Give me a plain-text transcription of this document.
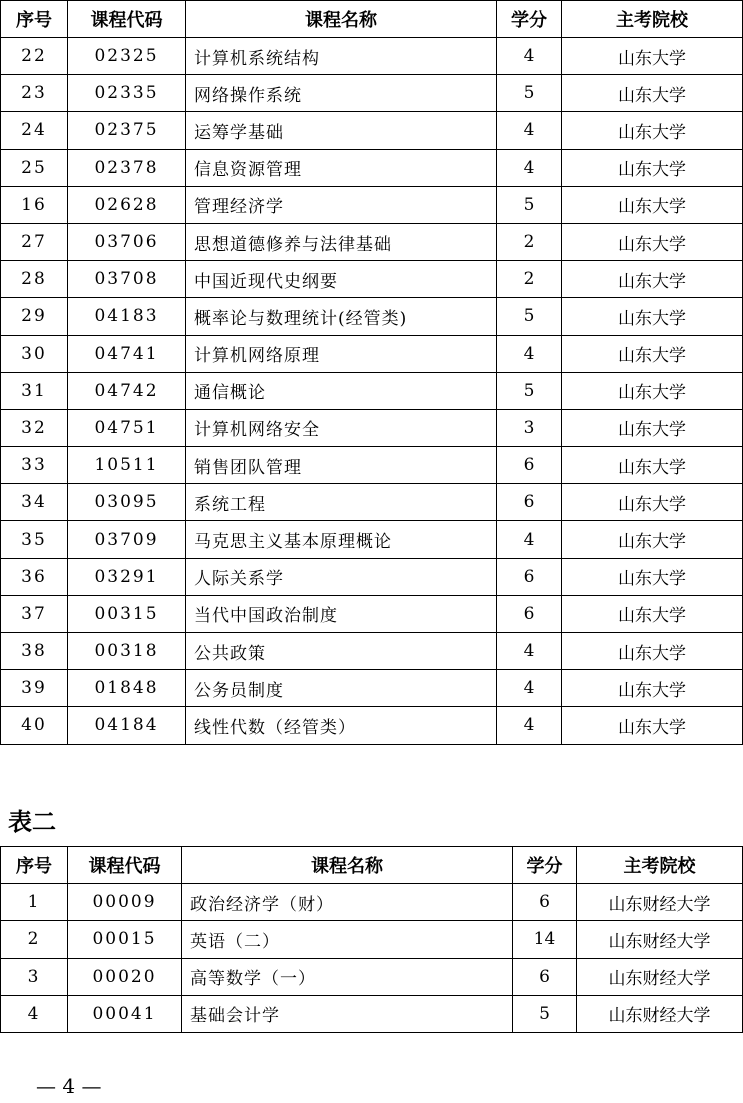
序号	课程代码	课程名称	学分	主考院校
22	02325	计算机系统结构	4	山东大学
23	02335	网络操作系统	5	山东大学
24	02375	运筹学基础	4	山东大学
25	02378	信息资源管理	4	山东大学
16	02628	管理经济学	5	山东大学
27	03706	思想道德修养与法律基础	2	山东大学
28	03708	中国近现代史纲要	2	山东大学
29	04183	概率论与数理统计(经管类)	5	山东大学
30	04741	计算机网络原理	4	山东大学
31	04742	通信概论	5	山东大学
32	04751	计算机网络安全	3	山东大学
33	10511	销售团队管理	6	山东大学
34	03095	系统工程	6	山东大学
35	03709	马克思主义基本原理概论	4	山东大学
36	03291	人际关系学	6	山东大学
37	00315	当代中国政治制度	6	山东大学
38	00318	公共政策	4	山东大学
39	01848	公务员制度	4	山东大学
40	04184	线性代数（经管类）	4	山东大学
表二
序号	课程代码	课程名称	学分	主考院校
1	00009	政治经济学（财）	6	山东财经大学
2	00015	英语（二）	14	山东财经大学
3	00020	高等数学（一）	6	山东财经大学
4	00041	基础会计学	5	山东财经大学
— 4 —
